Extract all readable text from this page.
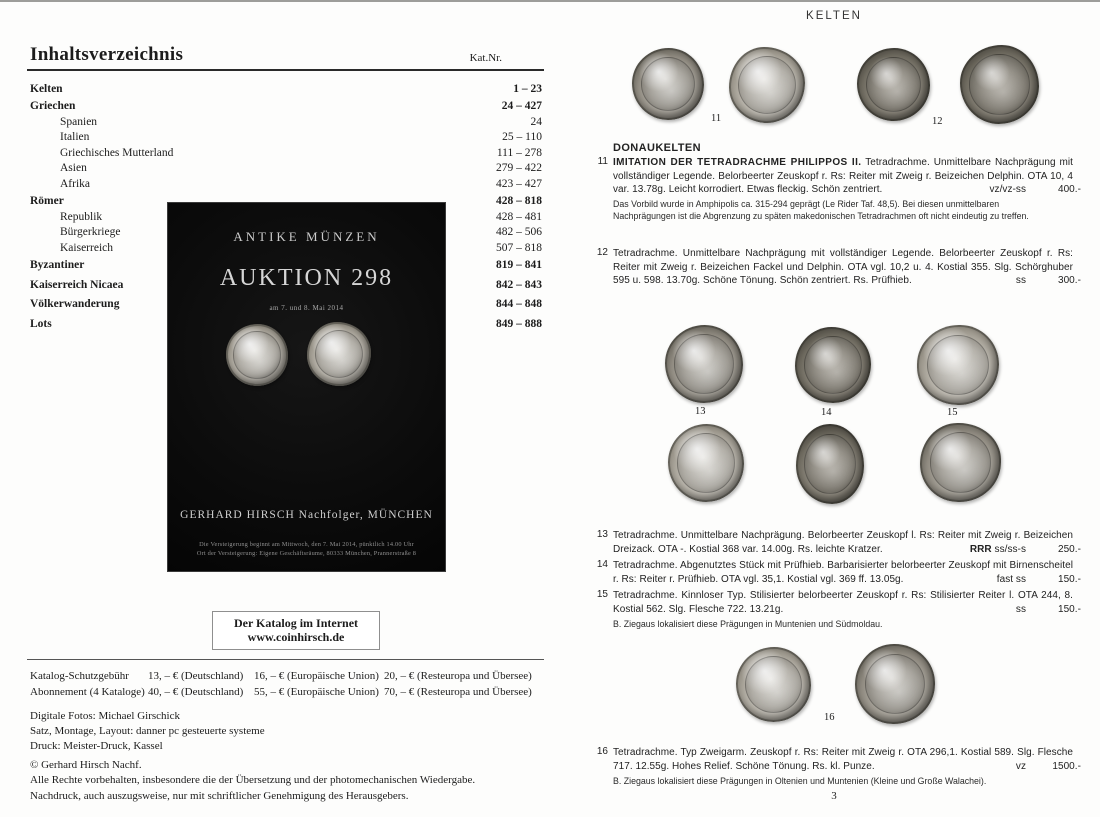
Inhaltsverzeichnis	Kat.Nr.
Kelten	1 – 23
Griechen	24 – 427
Spanien	24
Italien	25 – 110
Griechisches Mutterland	111 – 278
Asien	279 – 422
Afrika	423 – 427
Römer	428 – 818
Republik	428 – 481
Bürgerkriege	482 – 506
Kaiserreich	507 – 818
Byzantiner	819 – 841
Kaiserreich Nicaea	842 – 843
Völkerwanderung	844 – 848
Lots	849 – 888
ANTIKE MÜNZEN
AUKTION 298
am 7. und 8. Mai 2014
GERHARD HIRSCH Nachfolger, MÜNCHEN
Die Versteigerung beginnt am Mittwoch, den 7. Mai 2014, pünktlich 14.00 Uhr
Ort der Versteigerung: Eigene Geschäftsräume, 80333 München, Prannerstraße 8
Der Katalog im Internet
www.coinhirsch.de
Katalog-Schutzgebühr	13, – € (Deutschland) 16, – € (Europäische Union) 20, – € (Resteuropa und Übersee)
Abonnement (4 Kataloge) 40, – € (Deutschland) 55, – € (Europäische Union) 70, – € (Resteuropa und Übersee)
Digitale Fotos: Michael Girschick
Satz, Montage, Layout: danner pc gesteuerte systeme
Druck: Meister-Druck, Kassel
© Gerhard Hirsch Nachf.
Alle Rechte vorbehalten, insbesondere die der Übersetzung und der photomechanischen Wiedergabe.
Nachdruck, auch auszugsweise, nur mit schriftlicher Genehmigung des Herausgebers.
KELTEN
11	12
DONAUKELTEN
11 IMITATION DER TETRADRACHME PHILIPPOS II. Tetradrachme. Unmittelbare Nachprägung mit vollständiger Legende. Belorbeerter Zeuskopf r. Rs: Reiter mit Zweig r. Beizeichen Delphin. OTA 10, 4 var. 13.78g. Leicht korrodiert. Etwas fleckig. Schön zentriert.	vz/vz-ss	400.-
Das Vorbild wurde in Amphipolis ca. 315-294 geprägt (Le Rider Taf. 48,5). Bei diesen unmittelbaren Nachprägungen ist die Abgrenzung zu späten makedonischen Tetradrachmen oft nicht eindeutig zu treffen.
12 Tetradrachme. Unmittelbare Nachprägung mit vollständiger Legende. Belorbeerter Zeuskopf r. Rs: Reiter mit Zweig r. Beizeichen Fackel und Delphin. OTA vgl. 10,2 u. 4. Kostial 355. Slg. Schörghuber 595 u. 598. 13.70g. Schöne Tönung. Schön zentriert. Rs. Prüfhieb.	ss	300.-
13	14	15
13 Tetradrachme. Unmittelbare Nachprägung. Belorbeerter Zeuskopf l. Rs: Reiter mit Zweig r. Beizeichen Dreizack. OTA -. Kostial 368 var. 14.00g. Rs. leichte Kratzer.	RRR ss/ss-s	250.-
14 Tetradrachme. Abgenutztes Stück mit Prüfhieb. Barbarisierter belorbeerter Zeuskopf mit Birnenscheitel r. Rs: Reiter r. Prüfhieb. OTA vgl. 35,1. Kostial vgl. 369 ff. 13.05g.	fast ss	150.-
15 Tetradrachme. Kinnloser Typ. Stilisierter belorbeerter Zeuskopf r. Rs: Stilisierter Reiter l. OTA 244, 8. Kostial 562. Slg. Flesche 722. 13.21g.	ss	150.-
B. Ziegaus lokalisiert diese Prägungen in Muntenien und Südmoldau.
16
16 Tetradrachme. Typ Zweigarm. Zeuskopf r. Rs: Reiter mit Zweig r. OTA 296,1. Kostial 589. Slg. Flesche 717. 12.55g. Hohes Relief. Schöne Tönung. Rs. kl. Punze.	vz	1500.-
B. Ziegaus lokalisiert diese Prägungen in Oltenien und Muntenien (Kleine und Große Walachei).
3
